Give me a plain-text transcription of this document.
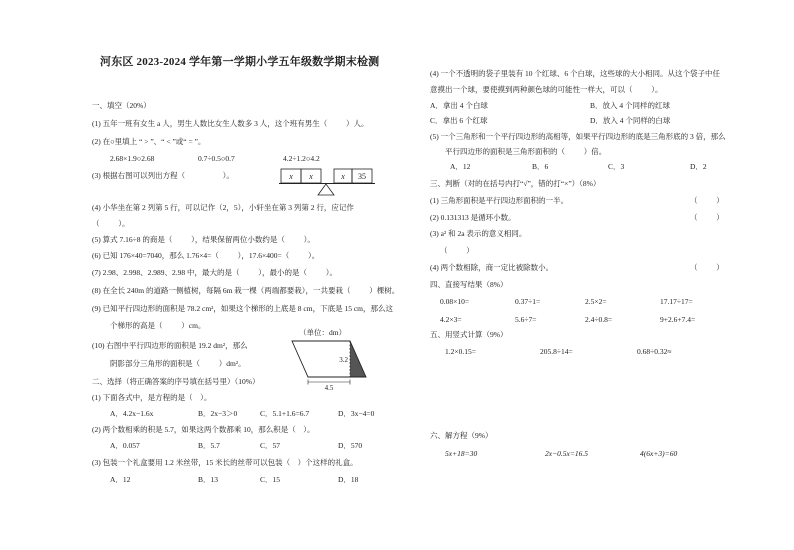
河东区 2023-2024 学年第一学期小学五年级数学期末检测
一、填空（20%）
(1) 五年一班有女生 a 人，男生人数比女生人数多 3 人，这个班有男生（          ）人。
(2) 在○里填上 “ > ”、“ < ”或“ = ”。
2.68×1.9○2.68	0.7÷0.5○0.7	4.2÷1.2○4.2
(3) 根据右图可以列出方程（                    ）。	x x	x 35
(4) 小华坐在第 2 列第 5 行，可以记作（2，5），小轩坐在第 3 列第 2 行，应记作
（          ）。
(5) 算式 7.16÷8 的商是（          ），结果保留两位小数约是（          ）。
(6) 已知 176×40=7040，那么 1.76×4=（          ），17.6×400=（          ）。
(7) 2.98、2.998、2.989、2.98 中，最大的是（          ），最小的是（          ）。
(8) 在全长 240m 的道路一侧植树，每隔 6m 栽一棵（两端都要栽），一共要栽（          ）棵树。
(9) 已知平行四边形的面积是 78.2 cm²，如果这个梯形的上底是 8 cm，下底是 15 cm，那么这
个梯形的高是（          ）cm。
（单位：dm）
(10) 右图中平行四边形的面积是 19.2 dm²，那么
阴影部分三角形的面积是（          ）dm²。	3.2
4.5
二、选择（将正确答案的序号填在括号里）（10%）
(1) 下面各式中，是方程的是（    ）。
A．4.2x−1.6x	B．2x−3＞0	C．5.1+1.6=6.7	D．3x−4=0
(2) 两个数相乘的积是 5.7，如果这两个数都乘 10，那么积是（    ）。
A．0.057	B．5.7	C．57	D．570
(3) 包装一个礼盒要用 1.2 米丝带，15 米长的丝带可以包装（    ）个这样的礼盒。
A．12	B．13	C．15	D．18
(4) 一个不透明的袋子里装有 10 个红球、6 个白球，这些球的大小相同。从这个袋子中任
意摸出一个球，要使摸到两种颜色球的可能性一样大，可以（          ）。
A．拿出 4 个白球	B．放入 4 个同样的红球
C．拿出 6 个红球	D．放入 4 个同样的白球
(5) 一个三角形和一个平行四边形的高相等，如果平行四边形的底是三角形底的 3 倍，那么
平行四边形的面积是三角形面积的（          ）倍。
A．12	B．6	C．3	D．2
三、判断（对的在括号内打“√”，错的打“×”）（8%）
(1) 三角形面积是平行四边形面积的一半。	（          ）
(2) 0.131313 是循环小数。	（          ）
(3) a² 和 2a 表示的意义相同。
（          ）
(4) 两个数相除，商一定比被除数小。	（          ）
四、直接写结果（8%）
0.08×10=	0.37÷1=	2.5×2=	17.17÷17=
4.2×3=	5.6÷7=	2.4÷0.8=	9+2.6+7.4=
五、用竖式计算（9%）
1.2×0.15=	205.8÷14=	0.68÷0.32≈
六、解方程（9%）
5x+18=30	2x−0.5x=16.5	4(6x+3)=60
